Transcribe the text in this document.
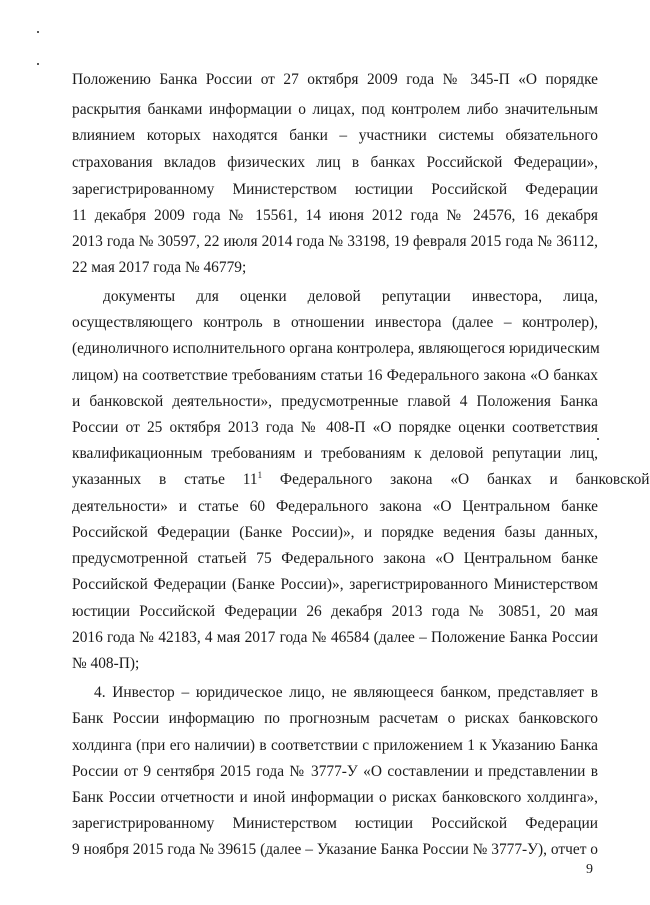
Положению Банка России от 27 октября 2009 года № 345-П «О порядке
раскрытия банками информации о лицах, под контролем либо значительным
влиянием которых находятся банки – участники системы обязательного
страхования вкладов физических лиц в банках Российской Федерации»,
зарегистрированному Министерством юстиции Российской Федерации
11 декабря 2009 года № 15561, 14 июня 2012 года № 24576, 16 декабря
2013 года № 30597, 22 июля 2014 года № 33198, 19 февраля 2015 года № 36112,
22 мая 2017 года № 46779;
документы для оценки деловой репутации инвестора, лица,
осуществляющего контроль в отношении инвестора (далее – контролер),
(единоличного исполнительного органа контролера, являющегося юридическим
лицом) на соответствие требованиям статьи 16 Федерального закона «О банках
и банковской деятельности», предусмотренные главой 4 Положения Банка
России от 25 октября 2013 года № 408-П «О порядке оценки соответствия
квалификационным требованиям и требованиям к деловой репутации лиц,
указанных в статье $11^1$ Федерального закона «О банках и банковской
деятельности» и статье 60 Федерального закона «О Центральном банке
Российской Федерации (Банке России)», и порядке ведения базы данных,
предусмотренной статьей 75 Федерального закона «О Центральном банке
Российской Федерации (Банке России)», зарегистрированного Министерством
юстиции Российской Федерации 26 декабря 2013 года № 30851, 20 мая
2016 года № 42183, 4 мая 2017 года № 46584 (далее – Положение Банка России
№ 408-П);
4. Инвестор – юридическое лицо, не являющееся банком, представляет в
Банк России информацию по прогнозным расчетам о рисках банковского
холдинга (при его наличии) в соответствии с приложением 1 к Указанию Банка
России от 9 сентября 2015 года № 3777-У «О составлении и представлении в
Банк России отчетности и иной информации о рисках банковского холдинга»,
зарегистрированному Министерством юстиции Российской Федерации
9 ноября 2015 года № 39615 (далее – Указание Банка России № 3777-У), отчет о
9
